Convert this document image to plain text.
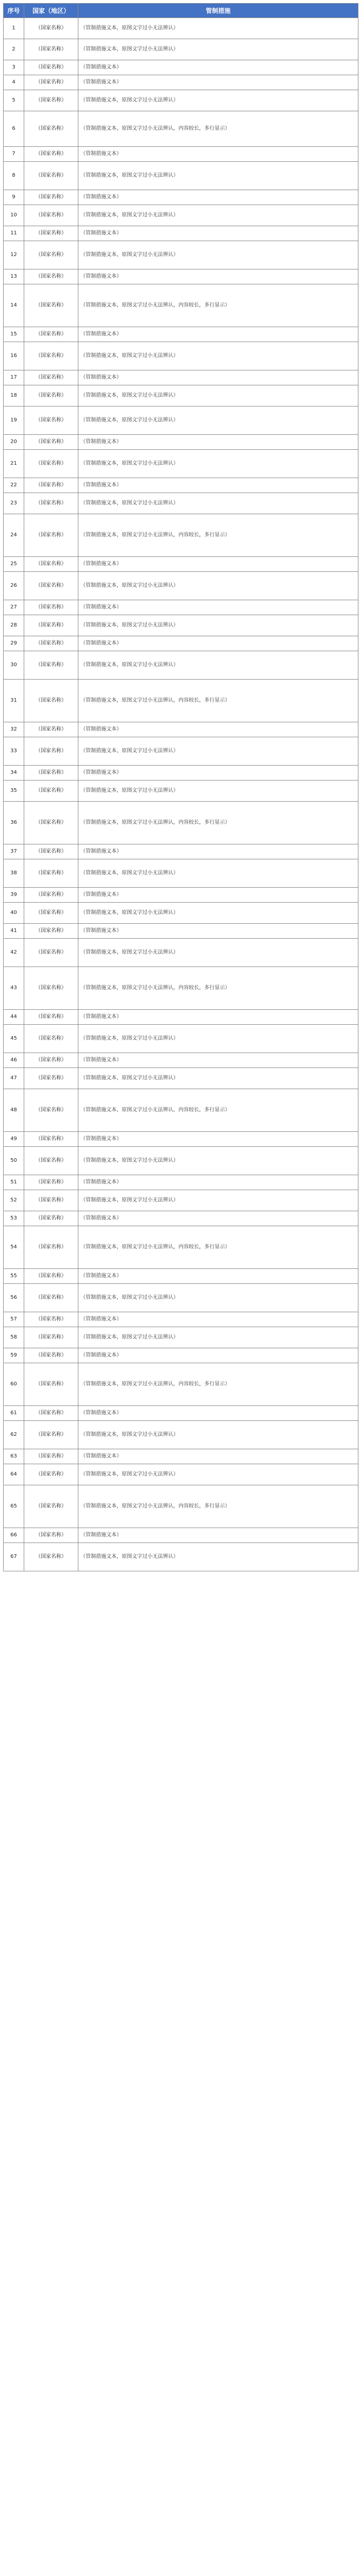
序号	国家（地区）	管制措施
1	（国家名称）	（管制措施文本，原图文字过小无法辨认）
2	（国家名称）	（管制措施文本，原图文字过小无法辨认）
3	（国家名称）	（管制措施文本）
4	（国家名称）	（管制措施文本）
5	（国家名称）	（管制措施文本，原图文字过小无法辨认）
6	（国家名称）	（管制措施文本，原图文字过小无法辨认，内容较长，多行显示）
7	（国家名称）	（管制措施文本）
8	（国家名称）	（管制措施文本，原图文字过小无法辨认）
9	（国家名称）	（管制措施文本）
10	（国家名称）	（管制措施文本，原图文字过小无法辨认）
11	（国家名称）	（管制措施文本）
12	（国家名称）	（管制措施文本，原图文字过小无法辨认）
13	（国家名称）	（管制措施文本）
14	（国家名称）	（管制措施文本，原图文字过小无法辨认，内容较长，多行显示）
15	（国家名称）	（管制措施文本）
16	（国家名称）	（管制措施文本，原图文字过小无法辨认）
17	（国家名称）	（管制措施文本）
18	（国家名称）	（管制措施文本，原图文字过小无法辨认）
19	（国家名称）	（管制措施文本，原图文字过小无法辨认）
20	（国家名称）	（管制措施文本）
21	（国家名称）	（管制措施文本，原图文字过小无法辨认）
22	（国家名称）	（管制措施文本）
23	（国家名称）	（管制措施文本，原图文字过小无法辨认）
24	（国家名称）	（管制措施文本，原图文字过小无法辨认，内容较长，多行显示）
25	（国家名称）	（管制措施文本）
26	（国家名称）	（管制措施文本，原图文字过小无法辨认）
27	（国家名称）	（管制措施文本）
28	（国家名称）	（管制措施文本，原图文字过小无法辨认）
29	（国家名称）	（管制措施文本）
30	（国家名称）	（管制措施文本，原图文字过小无法辨认）
31	（国家名称）	（管制措施文本，原图文字过小无法辨认，内容较长，多行显示）
32	（国家名称）	（管制措施文本）
33	（国家名称）	（管制措施文本，原图文字过小无法辨认）
34	（国家名称）	（管制措施文本）
35	（国家名称）	（管制措施文本，原图文字过小无法辨认）
36	（国家名称）	（管制措施文本，原图文字过小无法辨认，内容较长，多行显示）
37	（国家名称）	（管制措施文本）
38	（国家名称）	（管制措施文本，原图文字过小无法辨认）
39	（国家名称）	（管制措施文本）
40	（国家名称）	（管制措施文本，原图文字过小无法辨认）
41	（国家名称）	（管制措施文本）
42	（国家名称）	（管制措施文本，原图文字过小无法辨认）
43	（国家名称）	（管制措施文本，原图文字过小无法辨认，内容较长，多行显示）
44	（国家名称）	（管制措施文本）
45	（国家名称）	（管制措施文本，原图文字过小无法辨认）
46	（国家名称）	（管制措施文本）
47	（国家名称）	（管制措施文本，原图文字过小无法辨认）
48	（国家名称）	（管制措施文本，原图文字过小无法辨认，内容较长，多行显示）
49	（国家名称）	（管制措施文本）
50	（国家名称）	（管制措施文本，原图文字过小无法辨认）
51	（国家名称）	（管制措施文本）
52	（国家名称）	（管制措施文本，原图文字过小无法辨认）
53	（国家名称）	（管制措施文本）
54	（国家名称）	（管制措施文本，原图文字过小无法辨认，内容较长，多行显示）
55	（国家名称）	（管制措施文本）
56	（国家名称）	（管制措施文本，原图文字过小无法辨认）
57	（国家名称）	（管制措施文本）
58	（国家名称）	（管制措施文本，原图文字过小无法辨认）
59	（国家名称）	（管制措施文本）
60	（国家名称）	（管制措施文本，原图文字过小无法辨认，内容较长，多行显示）
61	（国家名称）	（管制措施文本）
62	（国家名称）	（管制措施文本，原图文字过小无法辨认）
63	（国家名称）	（管制措施文本）
64	（国家名称）	（管制措施文本，原图文字过小无法辨认）
65	（国家名称）	（管制措施文本，原图文字过小无法辨认，内容较长，多行显示）
66	（国家名称）	（管制措施文本）
67	（国家名称）	（管制措施文本，原图文字过小无法辨认）
